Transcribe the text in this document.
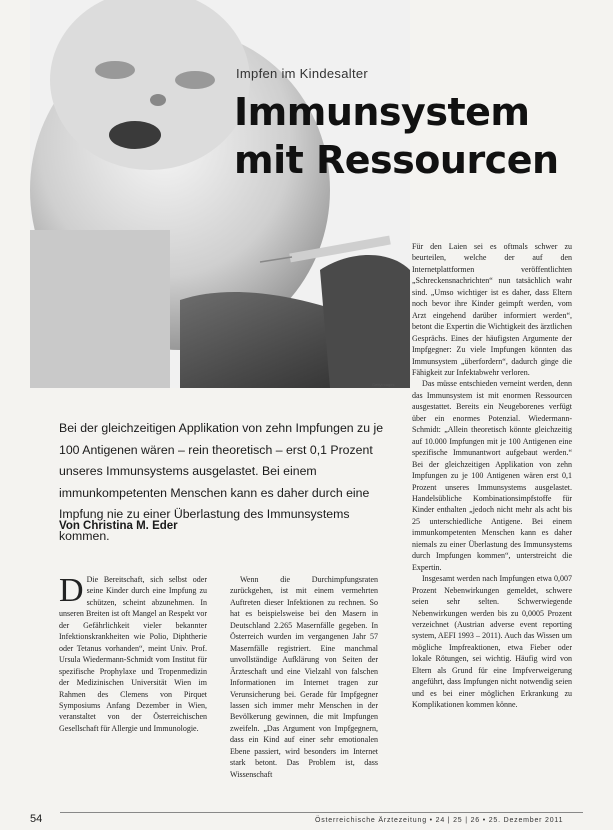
Gettyimages
Impfen im Kindesalter
Immunsystem
mit Ressourcen

Für den Laien sei es oftmals schwer zu beurteilen, welche der auf den Internetplattformen veröffentlichten „Schreckensnachrichten“ nun tatsächlich wahr sind. „Umso wichtiger ist es daher, dass Eltern noch bevor ihre Kinder geimpft werden, vom Arzt eingehend darüber informiert werden“, betont die Expertin die Wichtigkeit des ärztlichen Gesprächs. Eines der häufigsten Argumente der Impfgegner: Zu viele Impfungen könnten das Immunsystem „überfordern“, dadurch ginge die Fähigkeit zur Infektabwehr verloren.

Das müsse entschieden verneint werden, denn das Immunsystem ist mit enormen Ressourcen ausgestattet. Bereits ein Neugeborenes verfügt über ein enormes Potenzial. Wiedermann-Schmidt: „Allein theoretisch könnte gleichzeitig auf 10.000 Impfungen mit je 100 Antigenen eine spezifische Immunantwort aufgebaut werden.“ Bei der gleichzeitigen Applikation von zehn Impfungen zu je 100 Antigenen wären erst 0,1 Prozent unseres Immunsystems ausgelastet. Handelsübliche Kombinationsimpfstoffe für Kinder enthalten „jedoch nicht mehr als acht bis 25 unterschiedliche Antigene. Bei einem immunkompetenten Menschen kann es daher niemals zu einer Überlastung des Immunsystems durch Impfungen kommen“, unterstreicht die Expertin.

Insgesamt werden nach Impfungen etwa 0,007 Prozent Nebenwirkungen gemeldet, schwere seien sehr selten. Schwerwiegende Nebenwirkungen werden bis zu 0,0005 Prozent verzeichnet (Austrian adverse event reporting system, AEFI 1993 – 2011). Auch das Wissen um mögliche Impfreaktionen, etwa Fieber oder lokale Rötungen, sei wichtig. Häufig wird von Eltern als Grund für eine Impfverweigerung angeführt, dass Impfungen nicht notwendig seien und es bei einer möglichen Erkrankung zu Komplikationen kommen könne.

Bei der gleichzeitigen Applikation von zehn Impfungen zu je 100 Antigenen wären – rein theoretisch – erst 0,1 Prozent unseres Immunsystems ausgelastet. Bei einem immunkompetenten Menschen kann es daher durch eine Impfung nie zu einer Überlastung des Immunsystems kommen.
Von Christina M. Eder
D Die Bereitschaft, sich selbst oder seine Kinder durch eine Impfung zu schützen, scheint abzunehmen. In unseren Breiten ist oft Mangel an Respekt vor der Gefährlichkeit vieler bekannter Infektionskrankheiten wie Polio, Diphtherie oder Tetanus vorhanden“, meint Univ. Prof. Ursula Wiedermann-Schmidt vom Institut für spezifische Prophylaxe und Tropenmedizin der Medizinischen Universität Wien im Rahmen des Clemens von Pirquet Symposiums Anfang Dezember in Wien, veranstaltet von der Österreichischen Gesellschaft für Allergie und Immunologie.

Wenn die Durchimpfungsraten zurückgehen, ist mit einem vermehrten Auftreten dieser Infektionen zu rechnen. So hat es beispielsweise bei den Masern in Deutschland 2.265 Masernfälle gegeben. In Österreich wurden im vergangenen Jahr 57 Masernfälle registriert. Eine manchmal unvollständige Aufklärung von Seiten der Ärzteschaft und eine Vielzahl von falschen Informationen im Internet tragen zur Verunsicherung bei. Gerade für Impfgegner lassen sich immer mehr Menschen in der Bevölkerung gewinnen, die mit Impfungen zweifeln. „Das Argument von Impfgegnern, dass ein Kind auf einer sehr emotionalen Ebene passiert, wird besonders im Internet stark betont. Das Problem ist, dass Wissenschaft

54	Österreichische Ärztezeitung • 24 | 25 | 26 • 25. Dezember 2011
